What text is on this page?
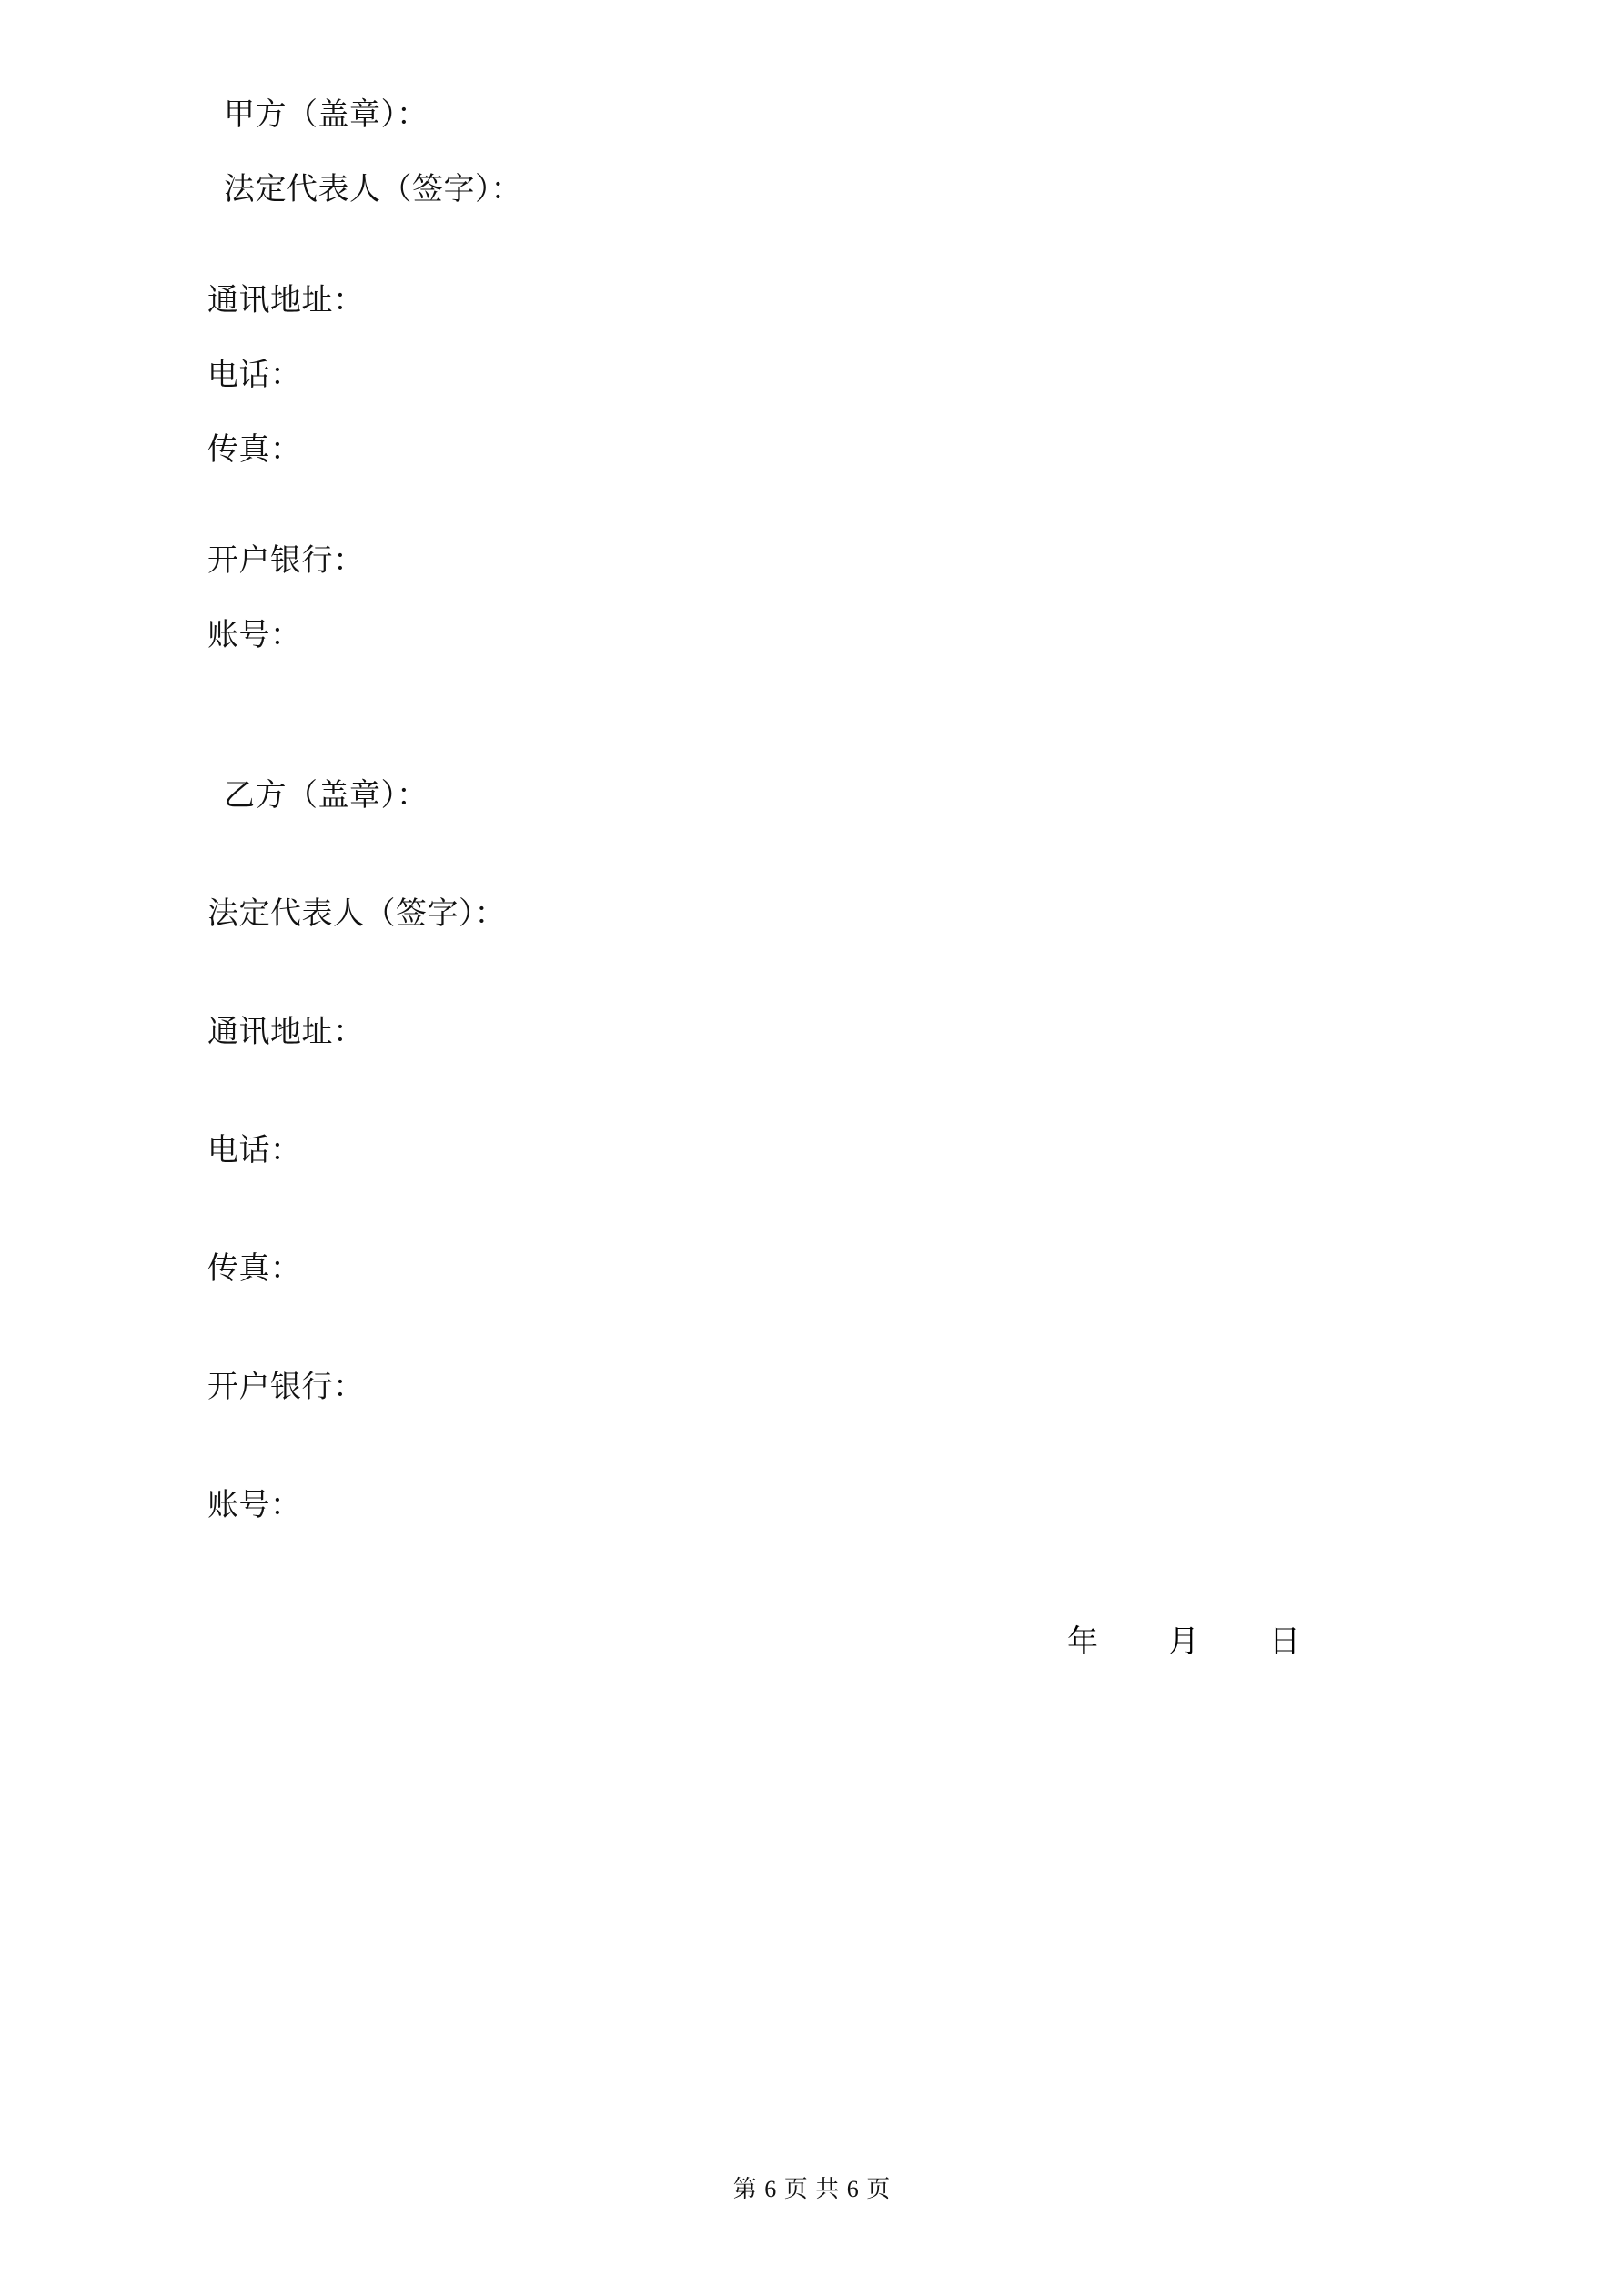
甲方（盖章）：
法定代表人（签字）：
通讯地址：
电话：
传真：
开户银行：
账号：
乙方（盖章）：
法定代表人（签字）：
通讯地址：
电话：
传真：
开户银行：
账号：
年        月        日
第 6 页 共 6 页
